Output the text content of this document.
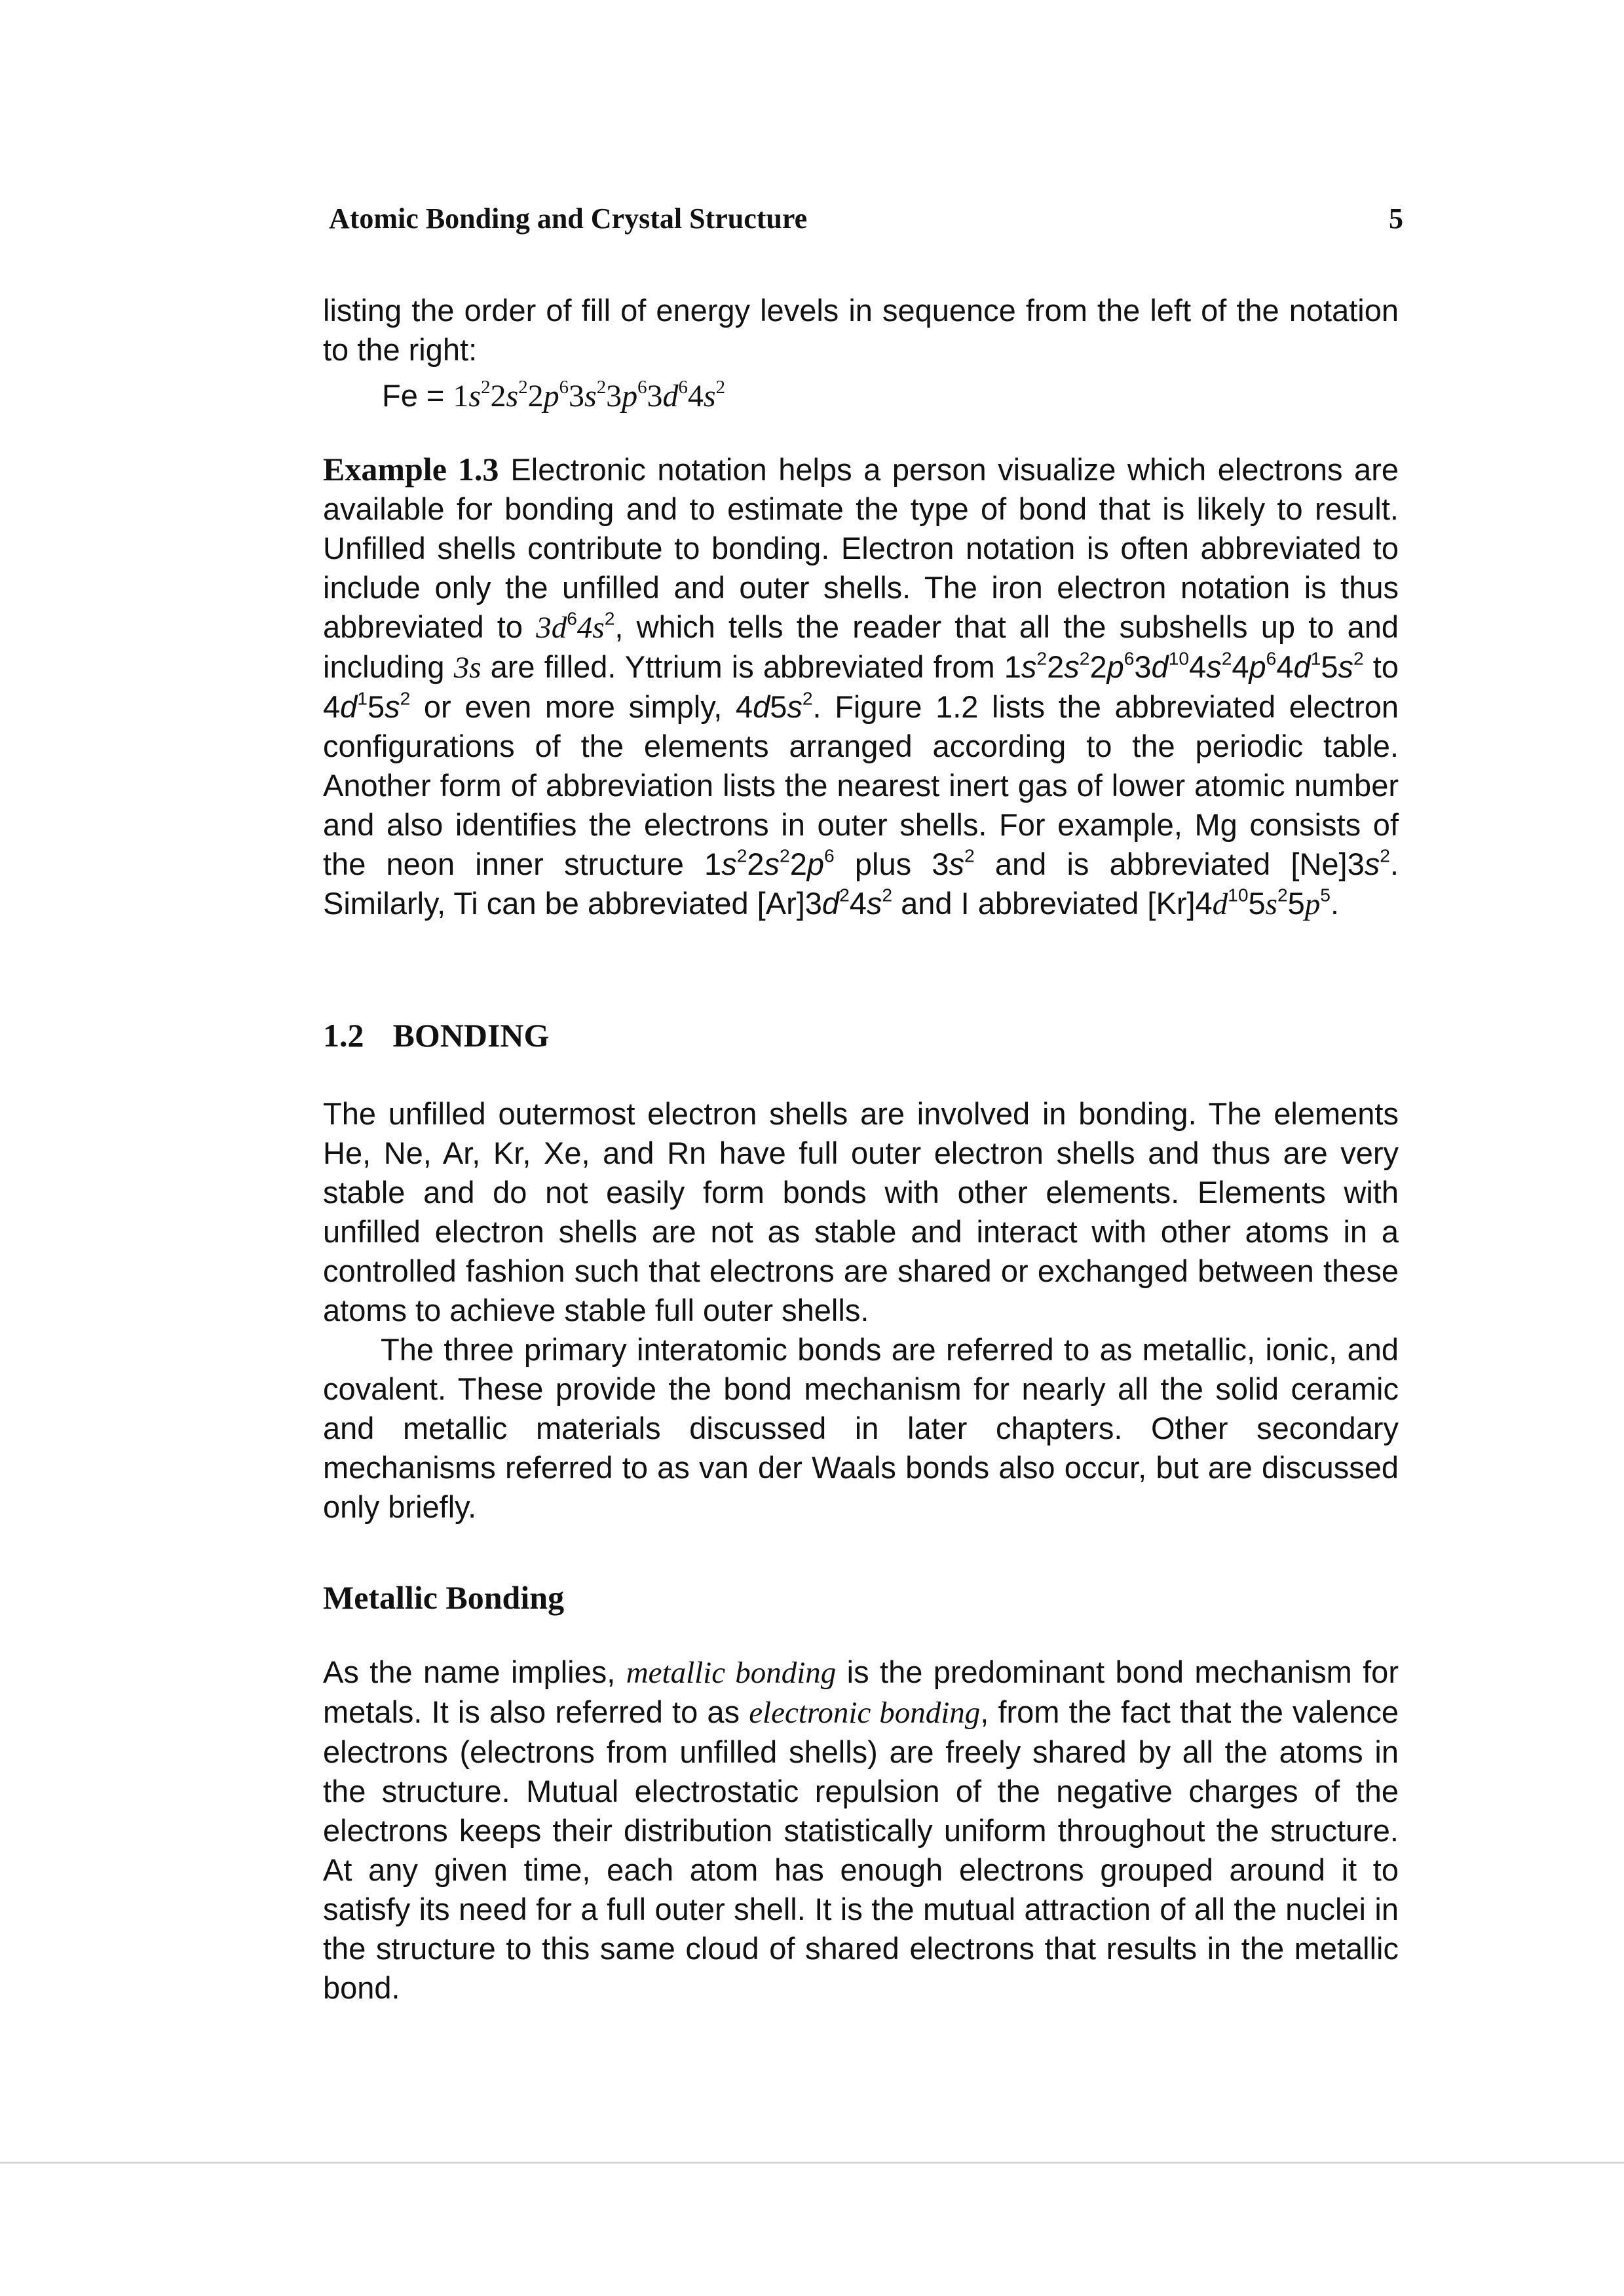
Atomic Bonding and Crystal Structure	5

listing the order of fill of energy levels in sequence from the left of the notation to the right:

$Fe = 1s^22s^22p^63s^23p^63d^64s^2$

Example 1.3 Electronic notation helps a person visualize which electrons are available for bonding and to estimate the type of bond that is likely to result. Unfilled shells contribute to bonding. Electron notation is often abbreviated to include only the unfilled and outer shells. The iron electron notation is thus abbreviated to $3d^64s^2$, which tells the reader that all the subshells up to and including 3s are filled. Yttrium is abbreviated from $1s^22s^22p^63d^{10}4s^24p^64d^15s^2$ to $4d^15s^2$ or even more simply, $4d5s^2$. Figure 1.2 lists the abbreviated electron configurations of the elements arranged according to the periodic table. Another form of abbreviation lists the nearest inert gas of lower atomic number and also identifies the electrons in outer shells. For example, Mg consists of the neon inner structure $1s^22s^22p^6$ plus $3s^2$ and is abbreviated $[Ne]3s^2$. Similarly, Ti can be abbreviated $[Ar]3d^24s^2$ and I abbreviated $[Kr]4d^{10}5s^25p^5$.

1.2 BONDING

The unfilled outermost electron shells are involved in bonding. The elements He, Ne, Ar, Kr, Xe, and Rn have full outer electron shells and thus are very stable and do not easily form bonds with other elements. Elements with unfilled electron shells are not as stable and interact with other atoms in a controlled fashion such that electrons are shared or exchanged between these atoms to achieve stable full outer shells.

The three primary interatomic bonds are referred to as metallic, ionic, and covalent. These provide the bond mechanism for nearly all the solid ceramic and metallic materials discussed in later chapters. Other secondary mechanisms referred to as van der Waals bonds also occur, but are discussed only briefly.

Metallic Bonding

As the name implies, metallic bonding is the predominant bond mechanism for metals. It is also referred to as electronic bonding, from the fact that the valence electrons (electrons from unfilled shells) are freely shared by all the atoms in the structure. Mutual electrostatic repulsion of the negative charges of the electrons keeps their distribution statistically uniform throughout the structure. At any given time, each atom has enough electrons grouped around it to satisfy its need for a full outer shell. It is the mutual attraction of all the nuclei in the structure to this same cloud of shared electrons that results in the metallic bond.
